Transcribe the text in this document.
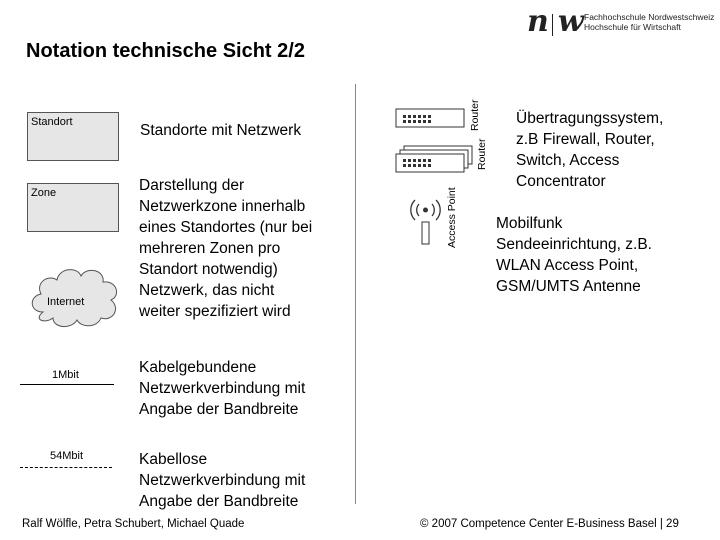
n w Fachhochschule Nordwestschweiz
Hochschule für Wirtschaft
Notation technische Sicht 2/2
Standort	Standorte mit Netzwerk
Zone	Darstellung der
Netzwerkzone innerhalb
eines Standortes (nur bei
mehreren Zonen pro
Standort notwendig)
Netzwerk, das nicht
weiter spezifiziert wird
Internet
1Mbit	Kabelgebundene
Netzwerkverbindung mit
Angabe der Bandbreite
54Mbit	Kabellose
Netzwerkverbindung mit
Angabe der Bandbreite
Router
Router
Access Point
Übertragungssystem,
z.B Firewall, Router,
Switch, Access
Concentrator
Mobilfunk
Sendeeinrichtung, z.B.
WLAN Access Point,
GSM/UMTS Antenne
Ralf Wölfle, Petra Schubert, Michael Quade	© 2007 Competence Center E-Business Basel | 29
